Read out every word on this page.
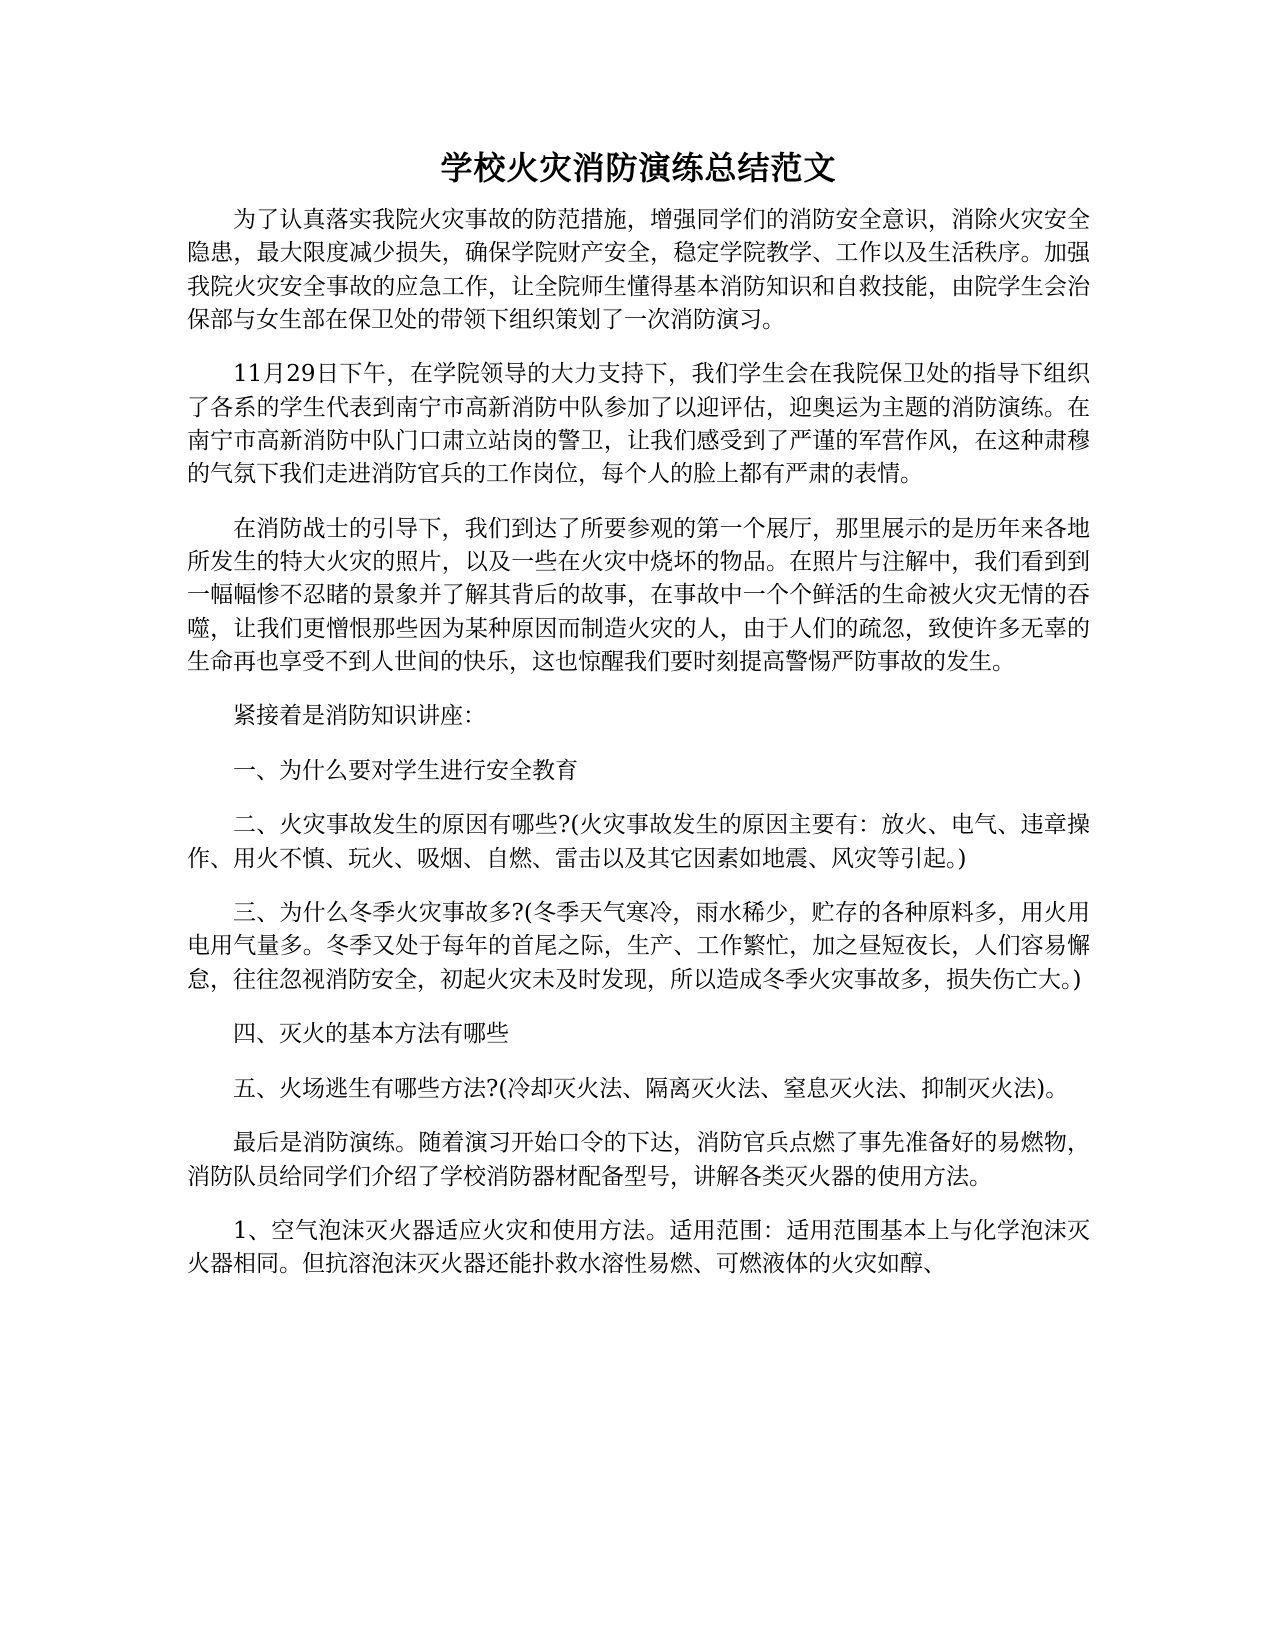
学校火灾消防演练总结范文

为了认真落实我院火灾事故的防范措施，增强同学们的消防安全意识，消除火灾安全隐患，最大限度减少损失，确保学院财产安全，稳定学院教学、工作以及生活秩序。加强我院火灾安全事故的应急工作，让全院师生懂得基本消防知识和自救技能，由院学生会治保部与女生部在保卫处的带领下组织策划了一次消防演习。

11月29日下午，在学院领导的大力支持下，我们学生会在我院保卫处的指导下组织了各系的学生代表到南宁市高新消防中队参加了以迎评估，迎奥运为主题的消防演练。在南宁市高新消防中队门口肃立站岗的警卫，让我们感受到了严谨的军营作风，在这种肃穆的气氛下我们走进消防官兵的工作岗位，每个人的脸上都有严肃的表情。

在消防战士的引导下，我们到达了所要参观的第一个展厅，那里展示的是历年来各地所发生的特大火灾的照片，以及一些在火灾中烧坏的物品。在照片与注解中，我们看到到一幅幅惨不忍睹的景象并了解其背后的故事，在事故中一个个鲜活的生命被火灾无情的吞噬，让我们更憎恨那些因为某种原因而制造火灾的人，由于人们的疏忽，致使许多无辜的生命再也享受不到人世间的快乐，这也惊醒我们要时刻提高警惕严防事故的发生。

紧接着是消防知识讲座：

一、为什么要对学生进行安全教育

二、火灾事故发生的原因有哪些?(火灾事故发生的原因主要有：放火、电气、违章操作、用火不慎、玩火、吸烟、自燃、雷击以及其它因素如地震、风灾等引起。)

三、为什么冬季火灾事故多?(冬季天气寒冷，雨水稀少，贮存的各种原料多，用火用电用气量多。冬季又处于每年的首尾之际，生产、工作繁忙，加之昼短夜长，人们容易懈怠，往往忽视消防安全，初起火灾未及时发现，所以造成冬季火灾事故多，损失伤亡大。)

四、灭火的基本方法有哪些

五、火场逃生有哪些方法?(冷却灭火法、隔离灭火法、窒息灭火法、抑制灭火法)。

最后是消防演练。随着演习开始口令的下达，消防官兵点燃了事先准备好的易燃物，消防队员给同学们介绍了学校消防器材配备型号，讲解各类灭火器的使用方法。

1、空气泡沫灭火器适应火灾和使用方法。适用范围：适用范围基本上与化学泡沫灭火器相同。但抗溶泡沫灭火器还能扑救水溶性易燃、可燃液体的火灾如醇、
